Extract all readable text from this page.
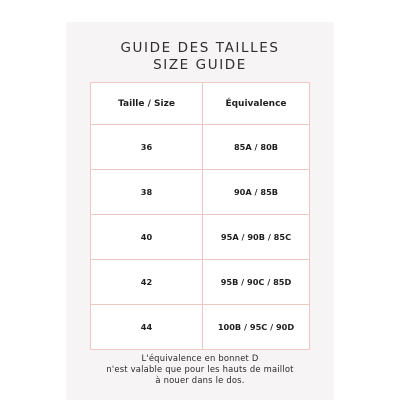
GUIDE DES TAILLES
SIZE GUIDE
Taille / Size	Équivalence
36	85A / 80B
38	90A / 85B
40	95A / 90B / 85C
42	95B / 90C / 85D
44	100B / 95C / 90D
L'équivalence en bonnet D
n'est valable que pour les hauts de maillot
à nouer dans le dos.
